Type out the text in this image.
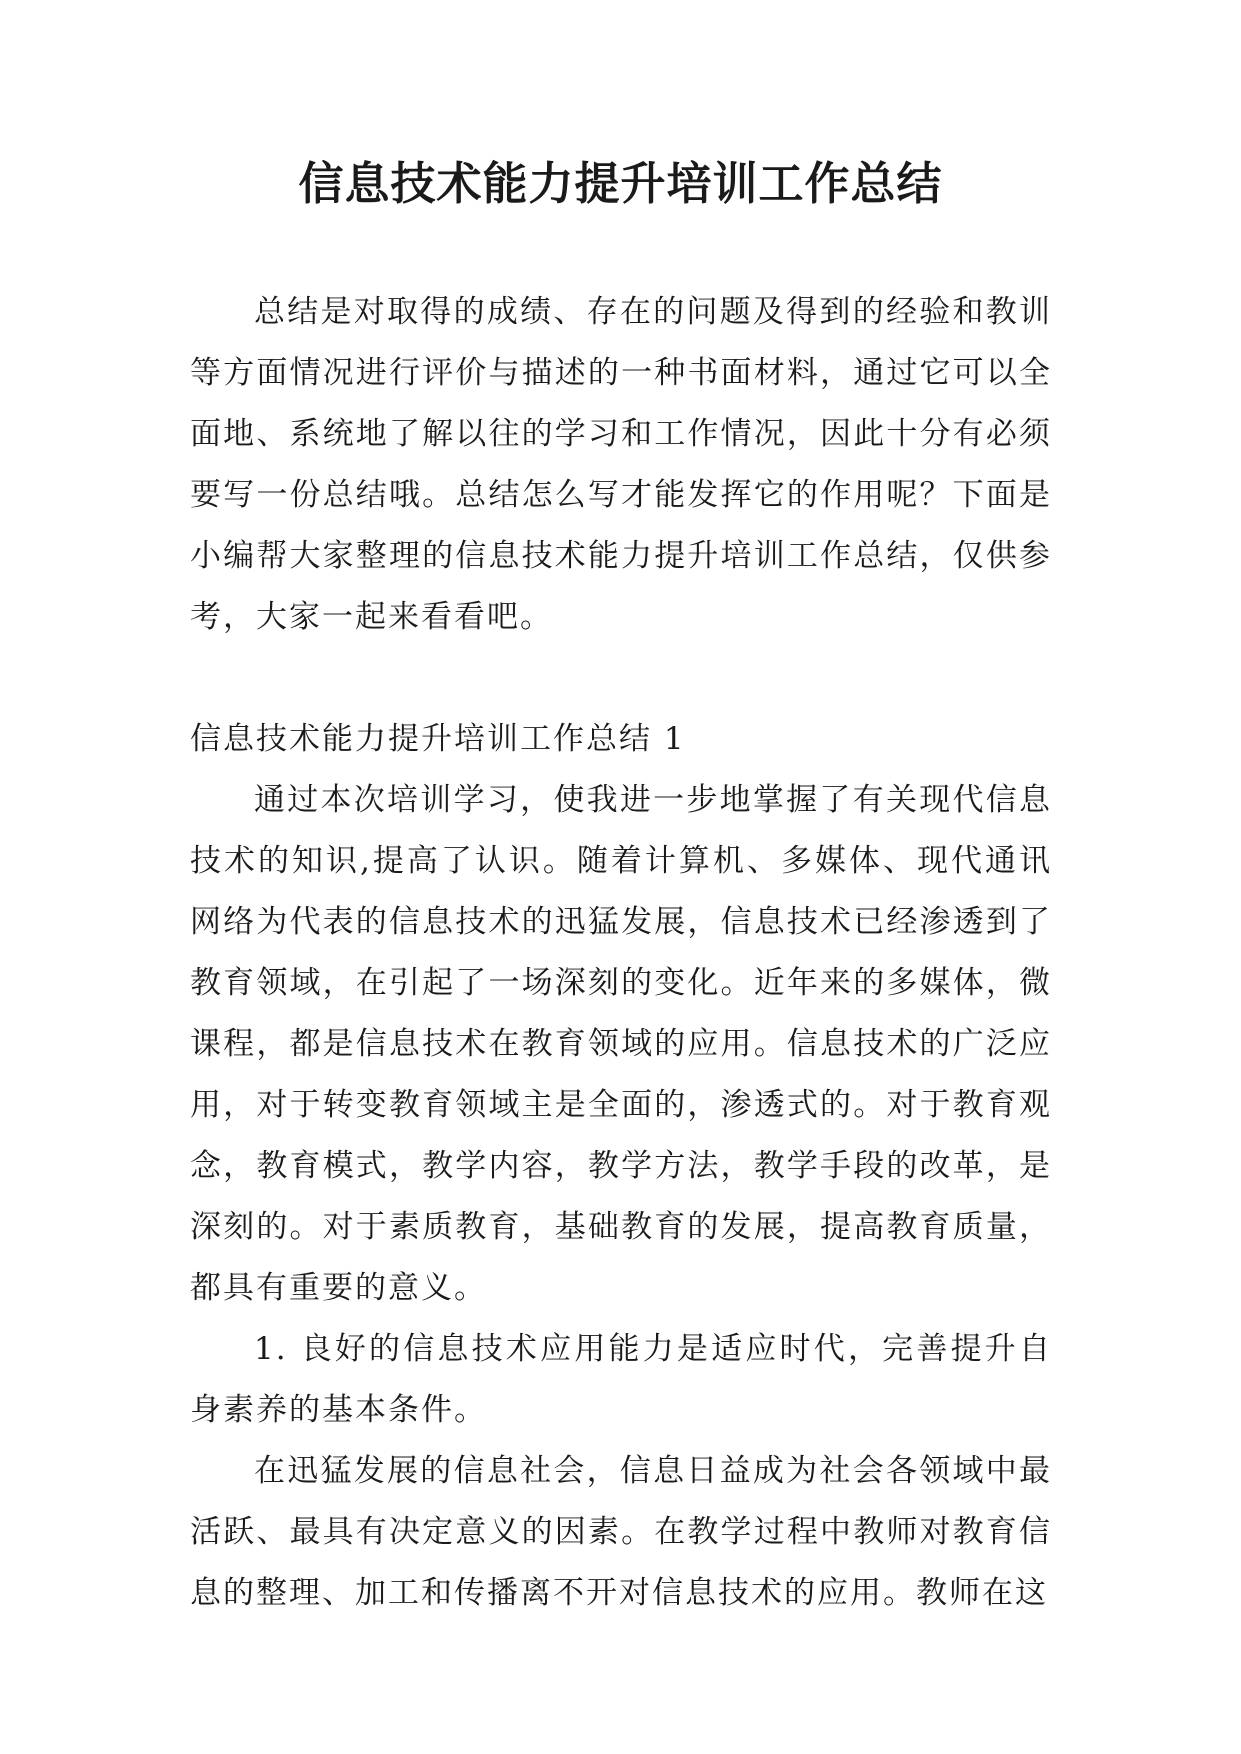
信息技术能力提升培训工作总结

总结是对取得的成绩、存在的问题及得到的经验和教训等方面情况进行评价与描述的一种书面材料，通过它可以全面地、系统地了解以往的学习和工作情况，因此十分有必须要写一份总结哦。总结怎么写才能发挥它的作用呢？下面是小编帮大家整理的信息技术能力提升培训工作总结，仅供参考，大家一起来看看吧。

信息技术能力提升培训工作总结 1

通过本次培训学习，使我进一步地掌握了有关现代信息技术的知识,提高了认识。随着计算机、多媒体、现代通讯网络为代表的信息技术的迅猛发展，信息技术已经渗透到了教育领域，在引起了一场深刻的变化。近年来的多媒体，微课程，都是信息技术在教育领域的应用。信息技术的广泛应用，对于转变教育领域主是全面的，渗透式的。对于教育观念，教育模式，教学内容，教学方法，教学手段的改革，是深刻的。对于素质教育，基础教育的发展，提高教育质量，都具有重要的意义。

1. 良好的信息技术应用能力是适应时代，完善提升自身素养的基本条件。

在迅猛发展的信息社会，信息日益成为社会各领域中最活跃、最具有决定意义的因素。在教学过程中教师对教育信息的整理、加工和传播离不开对信息技术的应用。教师在这
